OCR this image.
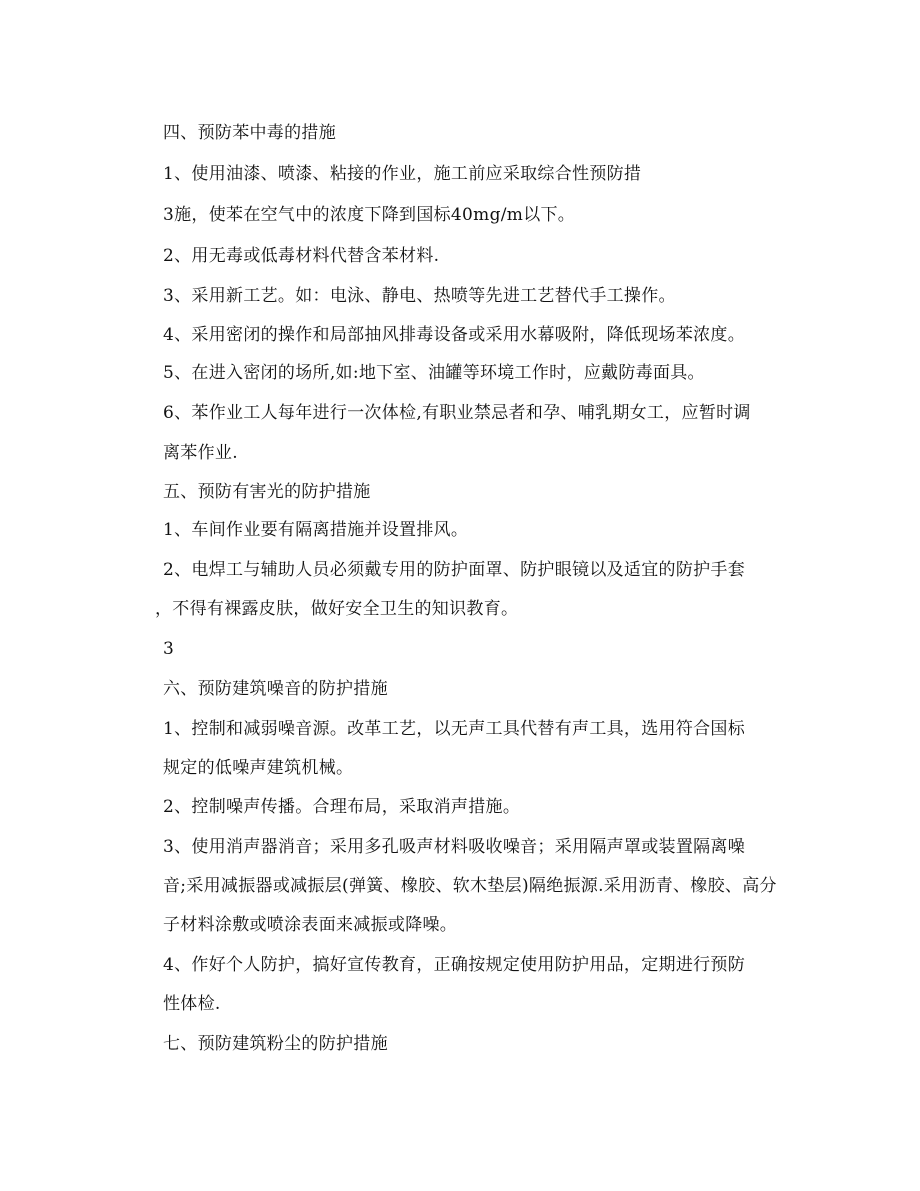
四、预防苯中毒的措施
1、使用油漆、喷漆、粘接的作业，施工前应采取综合性预防措
3施，使苯在空气中的浓度下降到国标40mg/m以下。
2、用无毒或低毒材料代替含苯材料.
3、采用新工艺。如：电泳、静电、热喷等先进工艺替代手工操作。
4、采用密闭的操作和局部抽风排毒设备或采用水幕吸附，降低现场苯浓度。
5、在进入密闭的场所,如:地下室、油罐等环境工作时，应戴防毒面具。
6、苯作业工人每年进行一次体检,有职业禁忌者和孕、哺乳期女工，应暂时调
离苯作业.
五、预防有害光的防护措施
1、车间作业要有隔离措施并设置排风。
2、电焊工与辅助人员必须戴专用的防护面罩、防护眼镜以及适宜的防护手套
，不得有裸露皮肤，做好安全卫生的知识教育。
3
六、预防建筑噪音的防护措施
1、控制和减弱噪音源。改革工艺，以无声工具代替有声工具，选用符合国标
规定的低噪声建筑机械。
2、控制噪声传播。合理布局，采取消声措施。
3、使用消声器消音；采用多孔吸声材料吸收噪音；采用隔声罩或装置隔离噪
音;采用减振器或减振层(弹簧、橡胶、软木垫层)隔绝振源.采用沥青、橡胶、高分
子材料涂敷或喷涂表面来减振或降噪。
4、作好个人防护，搞好宣传教育，正确按规定使用防护用品，定期进行预防
性体检.
七、预防建筑粉尘的防护措施
